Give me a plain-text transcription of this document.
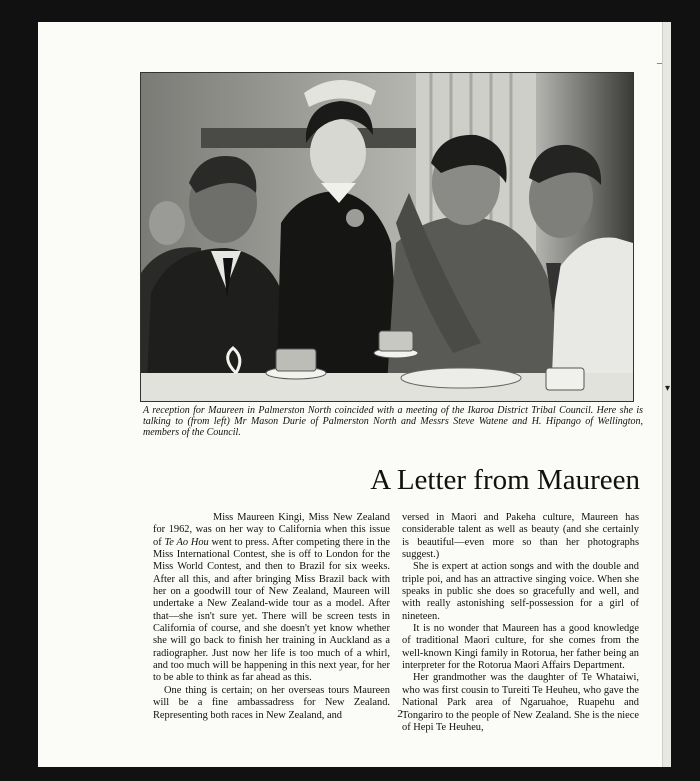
–
▾
A reception for Maureen in Palmerston North coincided with a meeting of the Ikaroa District Tribal Council. Here she is talking to (from left) Mr Mason Durie of Palmerston North and Messrs Steve Watene and H. Hipango of Wellington, members of the Council.
A Letter from Maureen

Miss Maureen Kingi, Miss New Zealand for 1962, was on her way to California when this issue of Te Ao Hou went to press. After competing there in the Miss International Contest, she is off to London for the Miss World Contest, and then to Brazil for six weeks. After all this, and after bringing Miss Brazil back with her on a goodwill tour of New Zealand, Maureen will undertake a New Zealand-wide tour as a model. After that—she isn't sure yet. There will be screen tests in California of course, and she doesn't yet know whether she will go back to finish her training in Auckland as a radiographer. Just now her life is too much of a whirl, and too much will be happening in this next year, for her to be able to think as far ahead as this.

One thing is certain; on her overseas tours Maureen will be a fine ambassadress for New Zealand. Representing both races in New Zealand, and

versed in Maori and Pakeha culture, Maureen has considerable talent as well as beauty (and she certainly is beautiful—even more so than her photographs suggest.)

She is expert at action songs and with the double and triple poi, and has an attractive singing voice. When she speaks in public she does so gracefully and well, and with really astonishing self-possession for a girl of nineteen.

It is no wonder that Maureen has a good knowledge of traditional Maori culture, for she comes from the well-known Kingi family in Rotorua, her father being an interpreter for the Rotorua Maori Affairs Department.

Her grandmother was the daughter of Te Whataiwi, who was first cousin to Tureiti Te Heuheu, who gave the National Park area of Ngaruahoe, Ruapehu and Tongariro to the people of New Zealand. She is the niece of Hepi Te Heuheu,

2
